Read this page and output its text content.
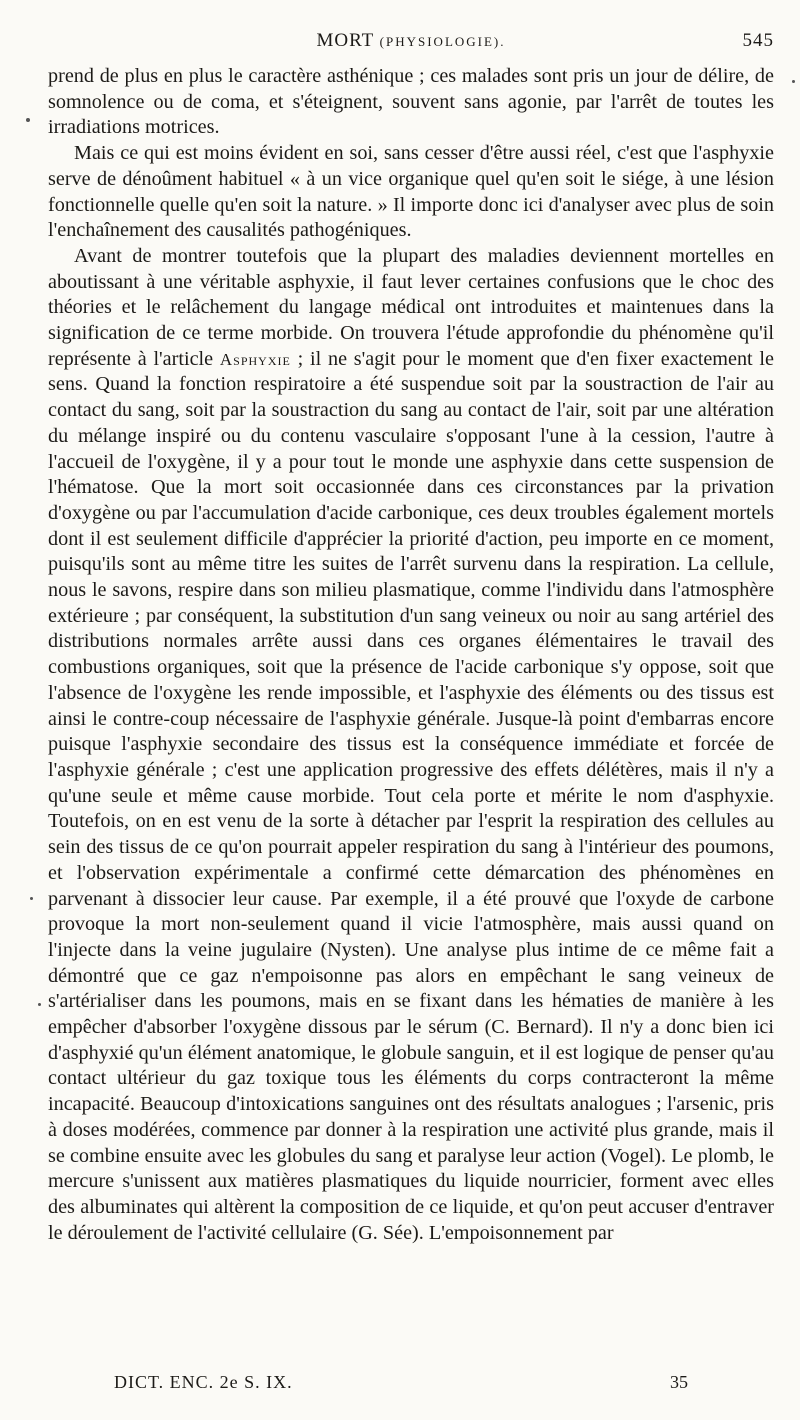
MORT (PHYSIOLOGIE).	545

prend de plus en plus le caractère asthénique ; ces malades sont pris un jour de délire, de somnolence ou de coma, et s'éteignent, souvent sans agonie, par l'arrêt de toutes les irradiations motrices.

Mais ce qui est moins évident en soi, sans cesser d'être aussi réel, c'est que l'asphyxie serve de dénoûment habituel « à un vice organique quel qu'en soit le siége, à une lésion fonctionnelle quelle qu'en soit la nature. » Il importe donc ici d'analyser avec plus de soin l'enchaînement des causalités pathogéniques.

Avant de montrer toutefois que la plupart des maladies deviennent mortelles en aboutissant à une véritable asphyxie, il faut lever certaines confusions que le choc des théories et le relâchement du langage médical ont introduites et maintenues dans la signification de ce terme morbide. On trouvera l'étude approfondie du phénomène qu'il représente à l'article Asphyxie ; il ne s'agit pour le moment que d'en fixer exactement le sens. Quand la fonction respiratoire a été suspendue soit par la soustraction de l'air au contact du sang, soit par la soustraction du sang au contact de l'air, soit par une altération du mélange inspiré ou du contenu vasculaire s'opposant l'une à la cession, l'autre à l'accueil de l'oxygène, il y a pour tout le monde une asphyxie dans cette suspension de l'hématose. Que la mort soit occasionnée dans ces circonstances par la privation d'oxygène ou par l'accumulation d'acide carbonique, ces deux troubles également mortels dont il est seulement difficile d'apprécier la priorité d'action, peu importe en ce moment, puisqu'ils sont au même titre les suites de l'arrêt survenu dans la respiration. La cellule, nous le savons, respire dans son milieu plasmatique, comme l'individu dans l'atmosphère extérieure ; par conséquent, la substitution d'un sang veineux ou noir au sang artériel des distributions normales arrête aussi dans ces organes élémentaires le travail des combustions organiques, soit que la présence de l'acide carbonique s'y oppose, soit que l'absence de l'oxygène les rende impossible, et l'asphyxie des éléments ou des tissus est ainsi le contre-coup nécessaire de l'asphyxie générale. Jusque-là point d'embarras encore puisque l'asphyxie secondaire des tissus est la conséquence immédiate et forcée de l'asphyxie générale ; c'est une application progressive des effets délétères, mais il n'y a qu'une seule et même cause morbide. Tout cela porte et mérite le nom d'asphyxie. Toutefois, on en est venu de la sorte à détacher par l'esprit la respiration des cellules au sein des tissus de ce qu'on pourrait appeler respiration du sang à l'intérieur des poumons, et l'observation expérimentale a confirmé cette démarcation des phénomènes en parvenant à dissocier leur cause. Par exemple, il a été prouvé que l'oxyde de carbone provoque la mort non-seulement quand il vicie l'atmosphère, mais aussi quand on l'injecte dans la veine jugulaire (Nysten). Une analyse plus intime de ce même fait a démontré que ce gaz n'empoisonne pas alors en empêchant le sang veineux de s'artérialiser dans les poumons, mais en se fixant dans les hématies de manière à les empêcher d'absorber l'oxygène dissous par le sérum (C. Bernard). Il n'y a donc bien ici d'asphyxié qu'un élément anatomique, le globule sanguin, et il est logique de penser qu'au contact ultérieur du gaz toxique tous les éléments du corps contracteront la même incapacité. Beaucoup d'intoxications sanguines ont des résultats analogues ; l'arsenic, pris à doses modérées, commence par donner à la respiration une activité plus grande, mais il se combine ensuite avec les globules du sang et paralyse leur action (Vogel). Le plomb, le mercure s'unissent aux matières plasmatiques du liquide nourricier, forment avec elles des albuminates qui altèrent la composition de ce liquide, et qu'on peut accuser d'entraver le déroulement de l'activité cellulaire (G. Sée). L'empoisonnement par

DICT. ENC. 2e S. IX.	35
